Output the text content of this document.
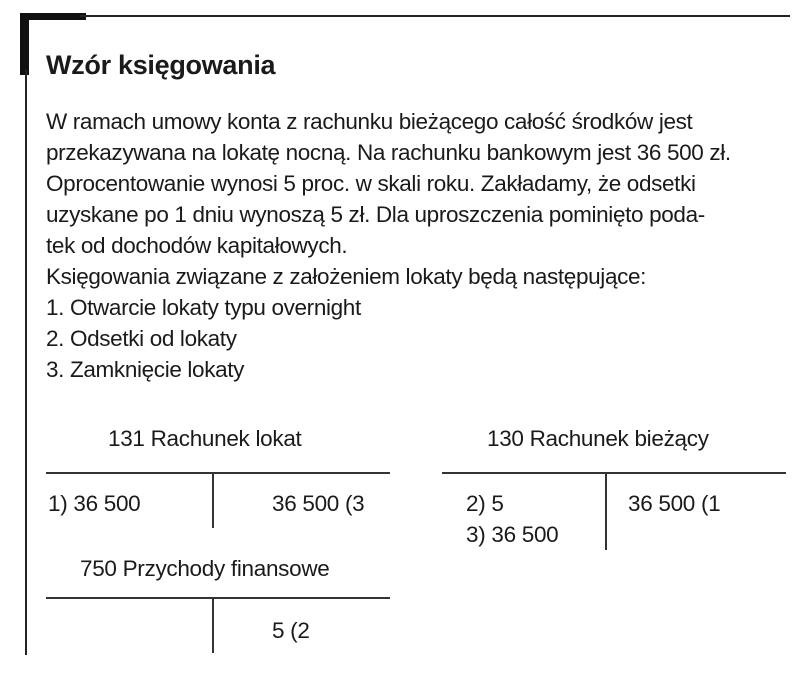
Wzór księgowania

W ramach umowy konta z rachunku bieżącego całość środków jest

przekazywana na lokatę nocną. Na rachunku bankowym jest 36 500 zł.

Oprocentowanie wynosi 5 proc. w skali roku. Zakładamy, że odsetki

uzyskane po 1 dniu wynoszą 5 zł. Dla uproszczenia pominięto poda-

tek od dochodów kapitałowych.

Księgowania związane z założeniem lokaty będą następujące:

1. Otwarcie lokaty typu overnight

2. Odsetki od lokaty

3. Zamknięcie lokaty

131 Rachunek lokat
1) 36 500	36 500 (3
130 Rachunek bieżący
2) 5
3) 36 500
36 500 (1
750 Przychody finansowe
5 (2
